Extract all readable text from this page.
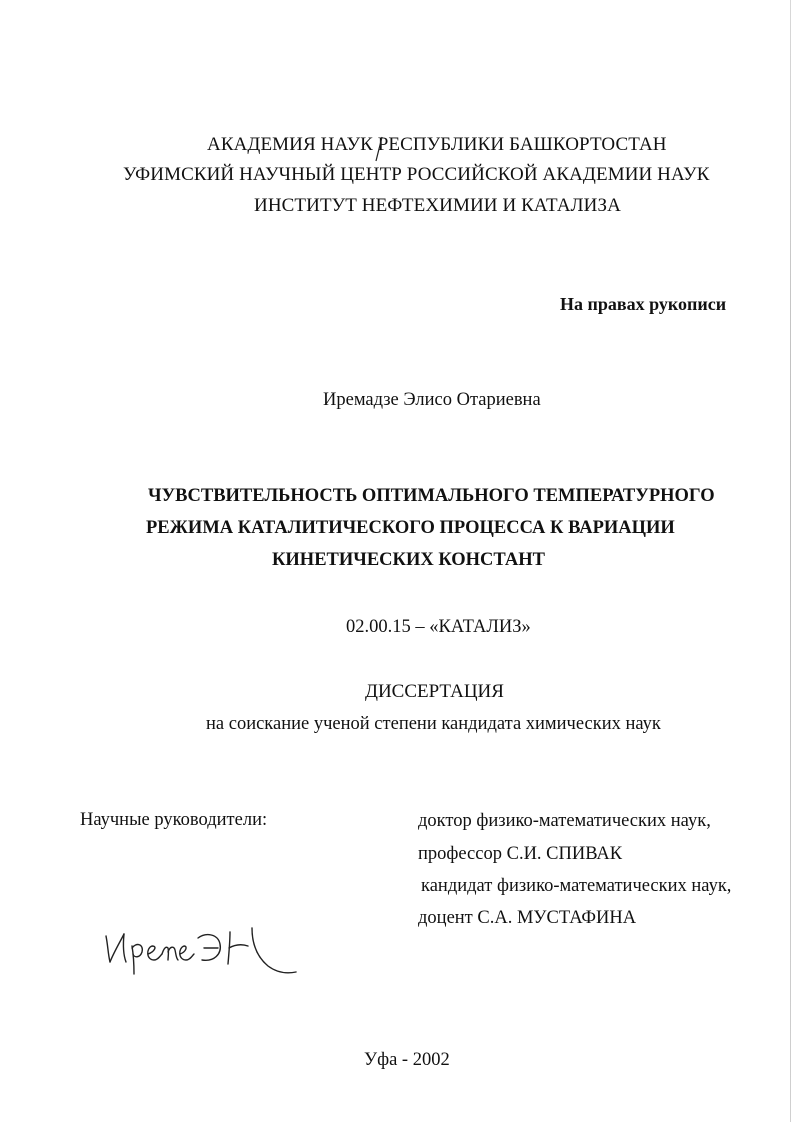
АКАДЕМИЯ НАУК РЕСПУБЛИКИ БАШКОРТОСТАН
УФИМСКИЙ НАУЧНЫЙ ЦЕНТР РОССИЙСКОЙ АКАДЕМИИ НАУК
ИНСТИТУТ НЕФТЕХИМИИ И КАТАЛИЗА
На правах рукописи
Иремадзе Элисо Отариевна
ЧУВСТВИТЕЛЬНОСТЬ ОПТИМАЛЬНОГО ТЕМПЕРАТУРНОГО
РЕЖИМА КАТАЛИТИЧЕСКОГО ПРОЦЕССА К ВАРИАЦИИ
КИНЕТИЧЕСКИХ КОНСТАНТ
02.00.15 – «КАТАЛИЗ»
ДИССЕРТАЦИЯ
на соискание ученой степени кандидата химических наук
Научные руководители:	доктор физико-математических наук,
профессор С.И. СПИВАК
кандидат физико-математических наук,
доцент С.А. МУСТАФИНА
Уфа - 2002
